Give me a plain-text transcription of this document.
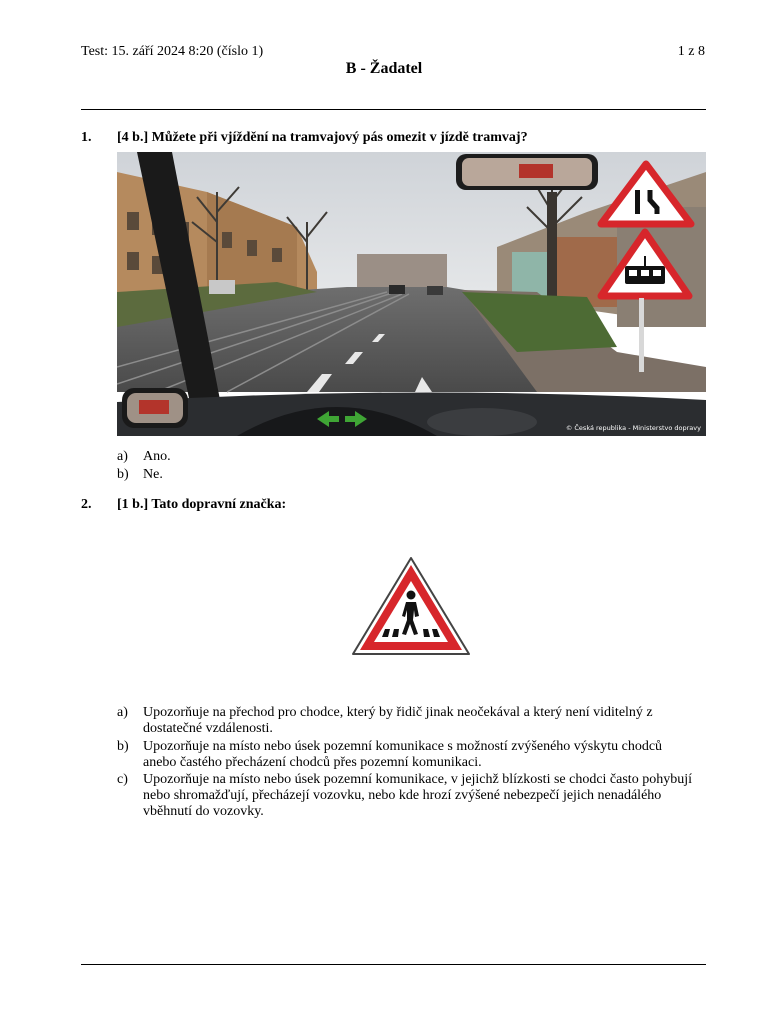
Test: 15. září 2024 8:20 (číslo 1)	1 z 8
B - Žadatel
1. [4 b.] Můžete při vjíždění na tramvajový pás omezit v jízdě tramvaj?
© Česká republika - Ministerstvo dopravy
a) Ano.
b) Ne.
2. [1 b.] Tato dopravní značka:
a) Upozorňuje na přechod pro chodce, který by řidič jinak neočekával a který není viditelný z dostatečné vzdálenosti.
b) Upozorňuje na místo nebo úsek pozemní komunikace s možností zvýšeného výskytu chodců anebo častého přecházení chodců přes pozemní komunikaci.
c) Upozorňuje na místo nebo úsek pozemní komunikace, v jejichž blízkosti se chodci často pohybují nebo shromažďují, přecházejí vozovku, nebo kde hrozí zvýšené nebezpečí jejich nenadálého vběhnutí do vozovky.
